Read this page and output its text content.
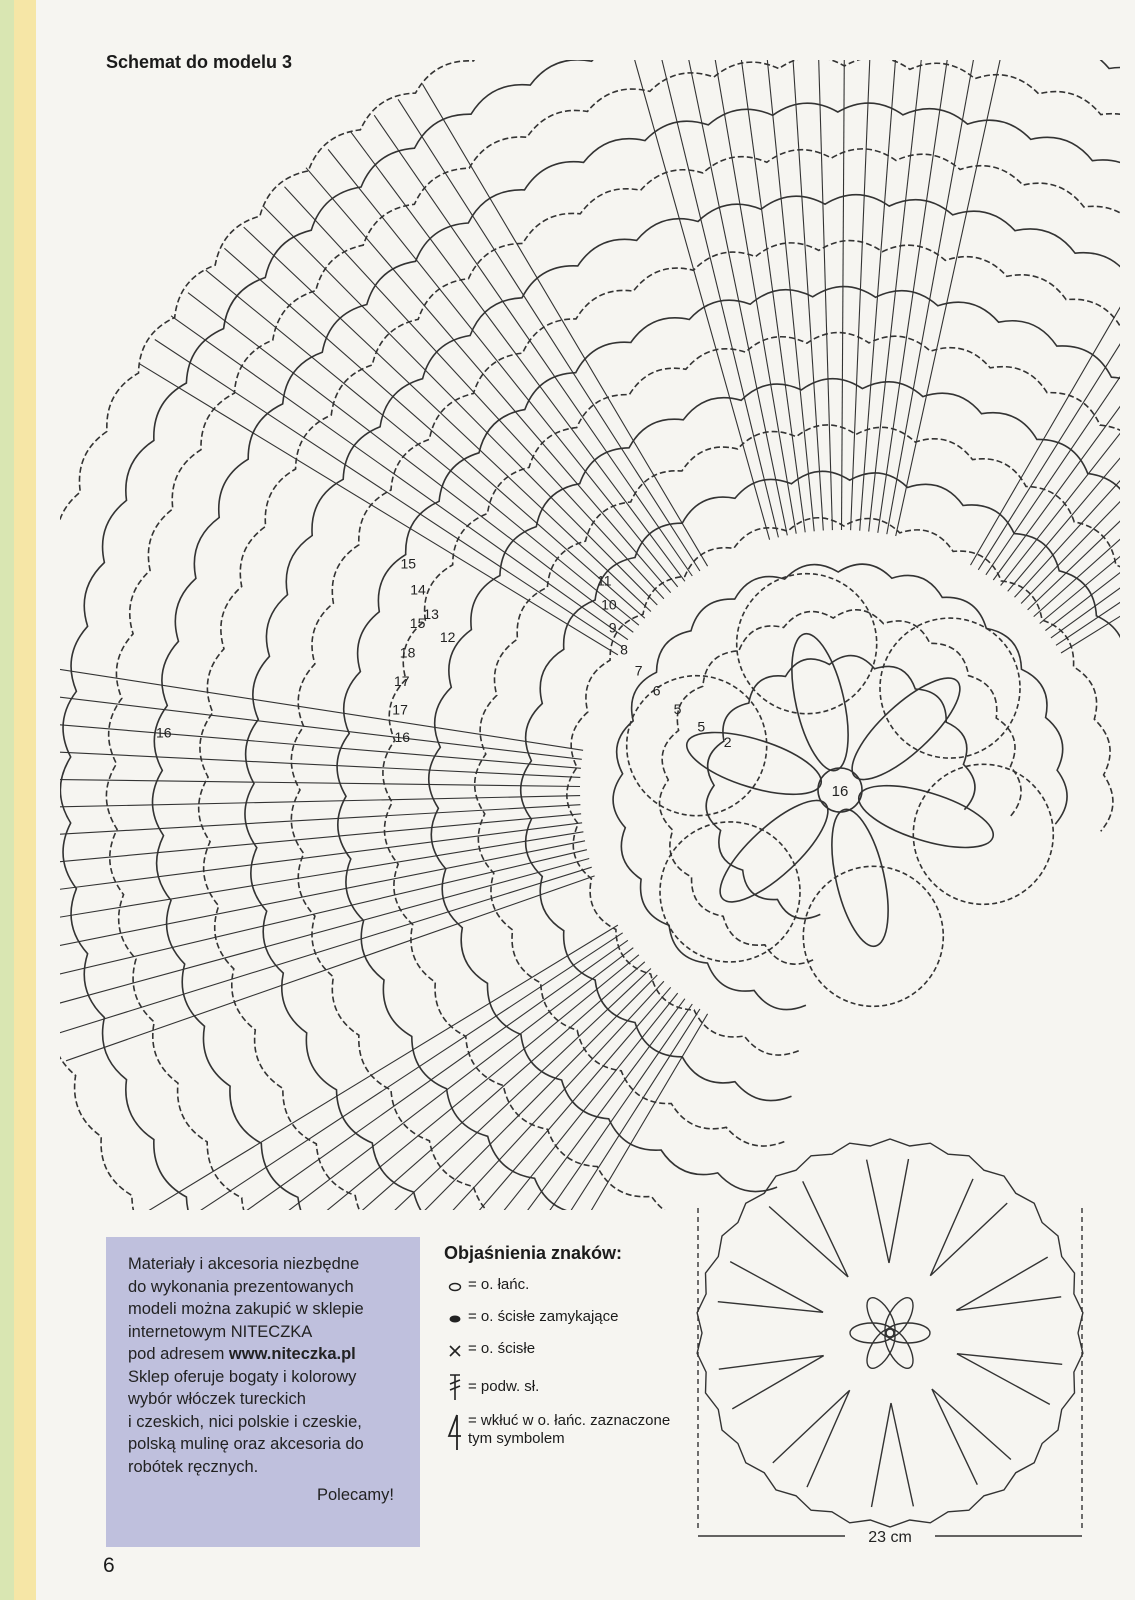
Schemat do modelu 3
16
2
5
5
6
7
8
9
10
11
12
13
14
15
16
17
17
18
15
16
Materiały i akcesoria niezbędne
do wykonania prezentowanych
modeli można zakupić w sklepie
internetowym NITECZKA
pod adresem www.niteczka.pl
Sklep oferuje bogaty i kolorowy
wybór włóczek tureckich
i czeskich, nici polskie i czeskie,
polską mulinę oraz akcesoria do
robótek ręcznych.
Polecamy!
Objaśnienia znaków:
= o. łańc.
= o. ścisłe zamykające
= o. ścisłe
= podw. sł.
= wkłuć w o. łańc. zaznaczone tym symbolem
23 cm
6
